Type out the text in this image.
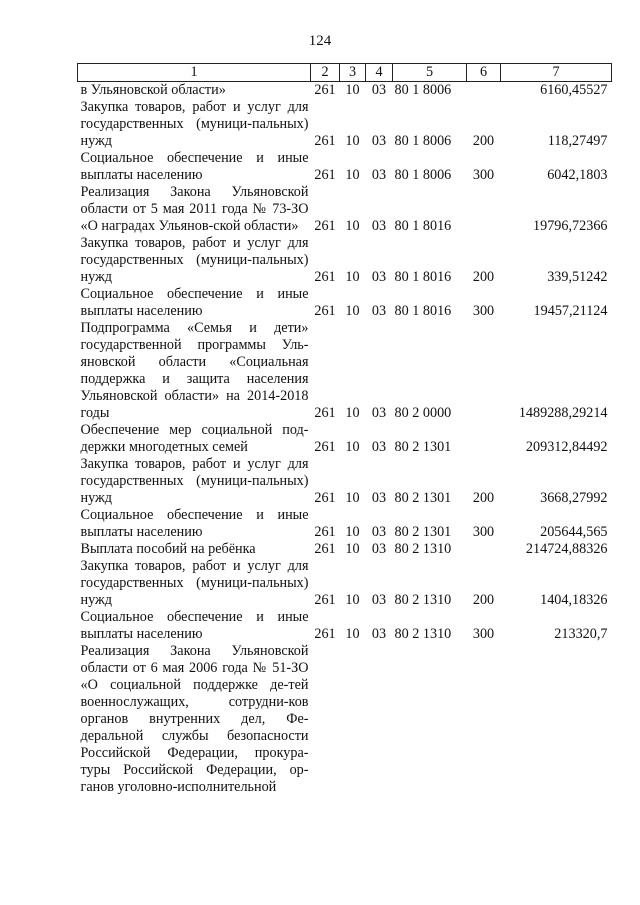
124
1	2	3	4	5	6	7
в Ульяновской области»	261	10	03	80 1 8006		6160,45527
Закупка товаров, работ и услуг для государственных (муници-пальных) нужд	261	10	03	80 1 8006	200	118,27497
Социальное обеспечение и иные выплаты населению	261	10	03	80 1 8006	300	6042,1803
Реализация Закона Ульяновской области от 5 мая 2011 года № 73-ЗО «О наградах Ульянов-ской области»	261	10	03	80 1 8016		19796,72366
Закупка товаров, работ и услуг для государственных (муници-пальных) нужд	261	10	03	80 1 8016	200	339,51242
Социальное обеспечение и иные выплаты населению	261	10	03	80 1 8016	300	19457,21124
Подпрограмма «Семья и дети» государственной программы Уль-яновской области «Социальная поддержка и защита населения Ульяновской области» на 2014-2018 годы	261	10	03	80 2 0000		1489288,29214
Обеспечение мер социальной под-держки многодетных семей	261	10	03	80 2 1301		209312,84492
Закупка товаров, работ и услуг для государственных (муници-пальных) нужд	261	10	03	80 2 1301	200	3668,27992
Социальное обеспечение и иные выплаты населению	261	10	03	80 2 1301	300	205644,565
Выплата пособий на ребёнка	261	10	03	80 2 1310		214724,88326
Закупка товаров, работ и услуг для государственных (муници-пальных) нужд	261	10	03	80 2 1310	200	1404,18326
Социальное обеспечение и иные выплаты населению	261	10	03	80 2 1310	300	213320,7
Реализация Закона Ульяновской области от 6 мая 2006 года № 51-ЗО «О социальной поддержке де-тей военнослужащих, сотрудни-ков органов внутренних дел, Фе-деральной службы безопасности Российской Федерации, прокура-туры Российской Федерации, ор-ганов уголовно-исполнительной						
